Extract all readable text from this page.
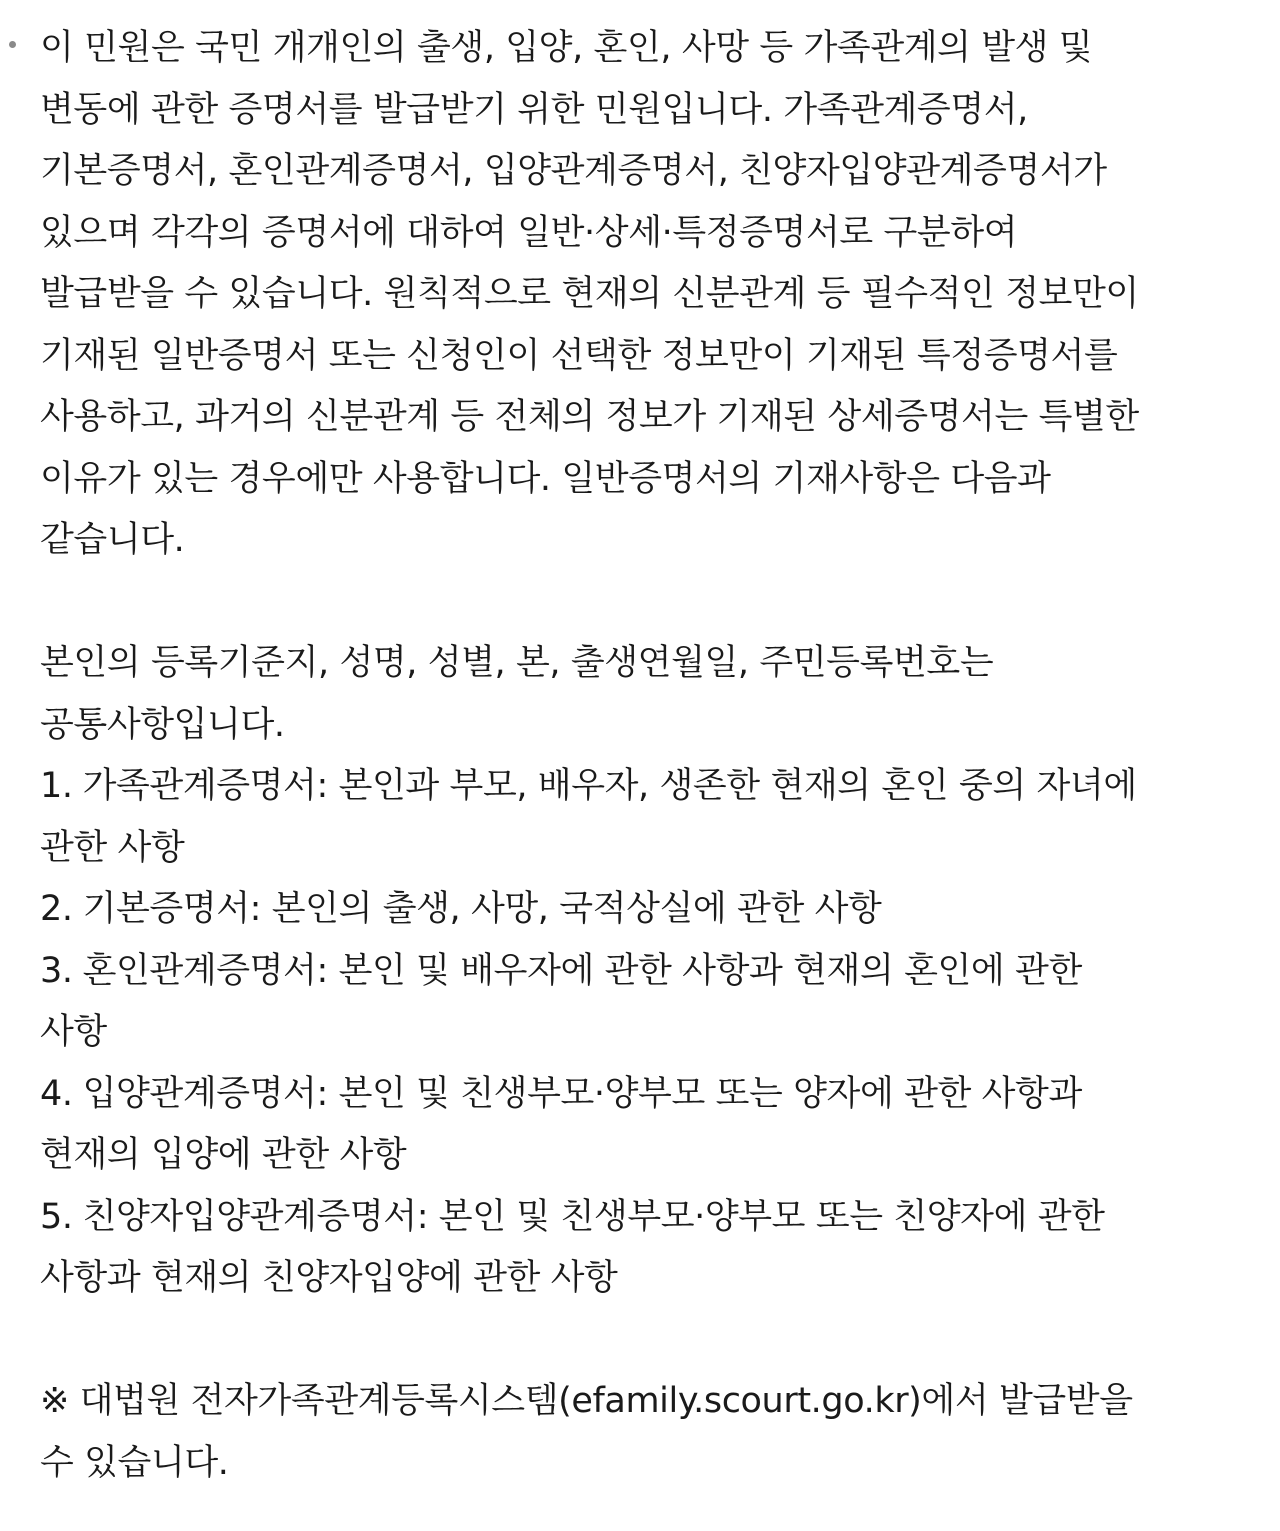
이 민원은 국민 개개인의 출생, 입양, 혼인, 사망 등 가족관계의 발생 및 변동에 관한 증명서를 발급받기 위한 민원입니다. 가족관계증명서, 기본증명서, 혼인관계증명서, 입양관계증명서, 친양자입양관계증명서가 있으며 각각의 증명서에 대하여 일반·상세·특정증명서로 구분하여 발급받을 수 있습니다. 원칙적으로 현재의 신분관계 등 필수적인 정보만이 기재된 일반증명서 또는 신청인이 선택한 정보만이 기재된 특정증명서를 사용하고, 과거의 신분관계 등 전체의 정보가 기재된 상세증명서는 특별한 이유가 있는 경우에만 사용합니다. 일반증명서의 기재사항은 다음과 같습니다.

본인의 등록기준지, 성명, 성별, 본, 출생연월일, 주민등록번호는 공통사항입니다.

1. 가족관계증명서: 본인과 부모, 배우자, 생존한 현재의 혼인 중의 자녀에 관한 사항
2. 기본증명서: 본인의 출생, 사망, 국적상실에 관한 사항
3. 혼인관계증명서: 본인 및 배우자에 관한 사항과 현재의 혼인에 관한 사항
4. 입양관계증명서: 본인 및 친생부모·양부모 또는 양자에 관한 사항과 현재의 입양에 관한 사항
5. 친양자입양관계증명서: 본인 및 친생부모·양부모 또는 친양자에 관한 사항과 현재의 친양자입양에 관한 사항

※ 대법원 전자가족관계등록시스템(efamily.scourt.go.kr)에서 발급받을 수 있습니다.
